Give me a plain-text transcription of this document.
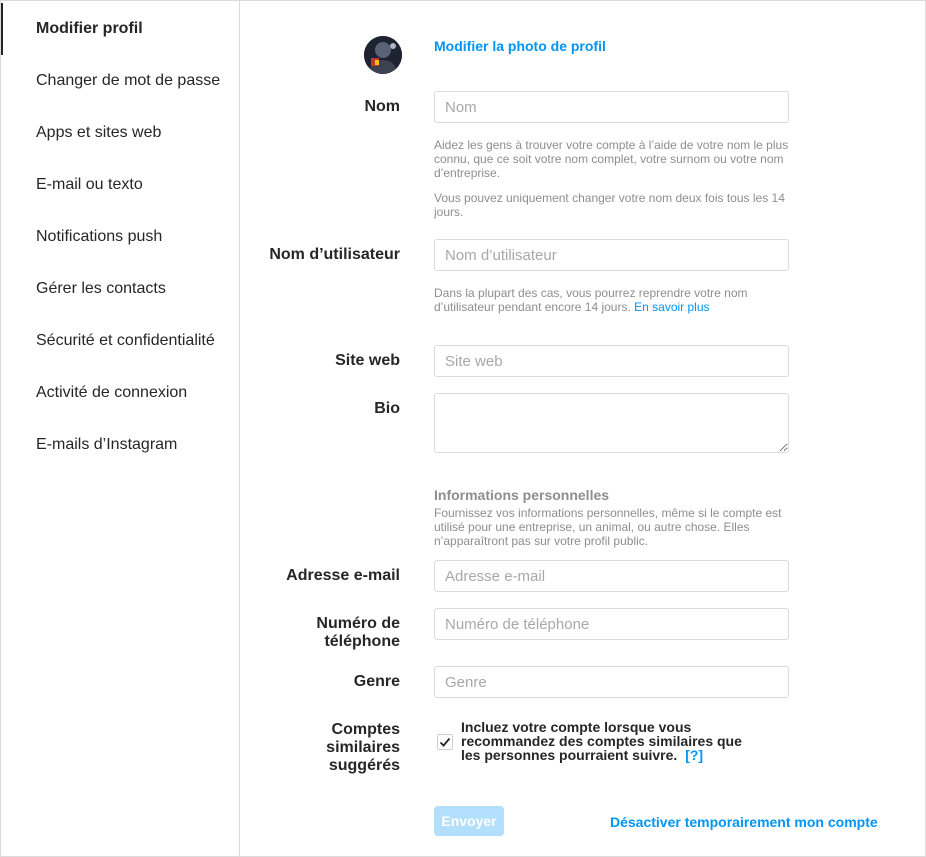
Modifier profil
Changer de mot de passe
Apps et sites web
E-mail ou texto
Notifications push
Gérer les contacts
Sécurité et confidentialité
Activité de connexion
E-mails d’Instagram
Modifier la photo de profil
Nom
Nom
Aidez les gens à trouver votre compte à l’aide de votre nom le plus connu, que ce soit votre nom complet, votre surnom ou votre nom d’entreprise.
Vous pouvez uniquement changer votre nom deux fois tous les 14 jours.
Nom d’utilisateur
Nom d’utilisateur
Dans la plupart des cas, vous pourrez reprendre votre nom d’utilisateur pendant encore 14 jours. En savoir plus
Site web
Site web
Bio
Informations personnelles
Fournissez vos informations personnelles, même si le compte est utilisé pour une entreprise, un animal, ou autre chose. Elles n’apparaîtront pas sur votre profil public.
Adresse e-mail
Adresse e-mail
Numéro de
téléphone
Numéro de téléphone
Genre
Genre
Comptes
similaires
suggérés
Incluez votre compte lorsque vous recommandez des comptes similaires que les personnes pourraient suivre. [?]
Envoyer	Désactiver temporairement mon compte
